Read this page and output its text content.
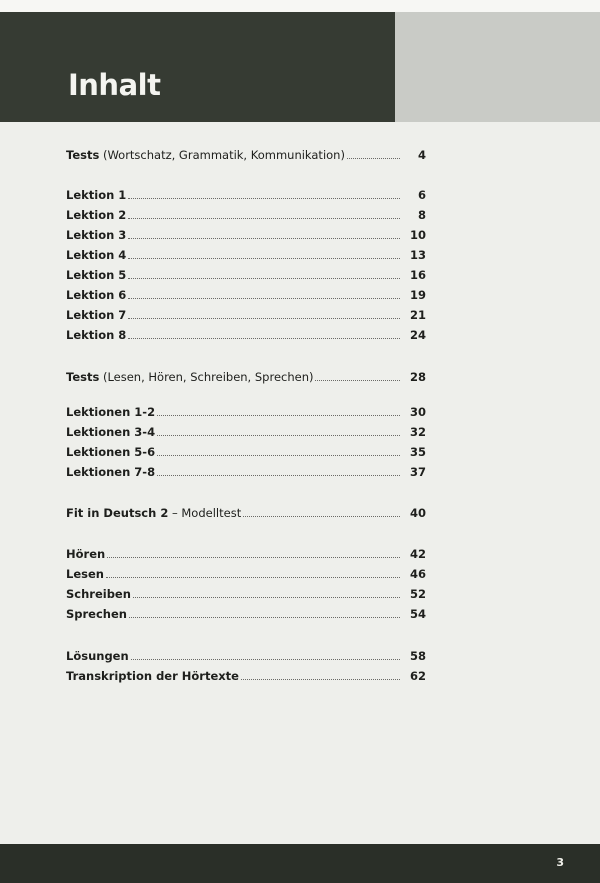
Inhalt
Tests (Wortschatz, Grammatik, Kommunikation)	4
Lektion 1	6
Lektion 2	8
Lektion 3	10
Lektion 4	13
Lektion 5	16
Lektion 6	19
Lektion 7	21
Lektion 8	24
Tests (Lesen, Hören, Schreiben, Sprechen)	28
Lektionen 1-2	30
Lektionen 3-4	32
Lektionen 5-6	35
Lektionen 7-8	37
Fit in Deutsch 2 – Modelltest	40
Hören	42
Lesen	46
Schreiben	52
Sprechen	54
Lösungen	58
Transkription der Hörtexte	62
3
